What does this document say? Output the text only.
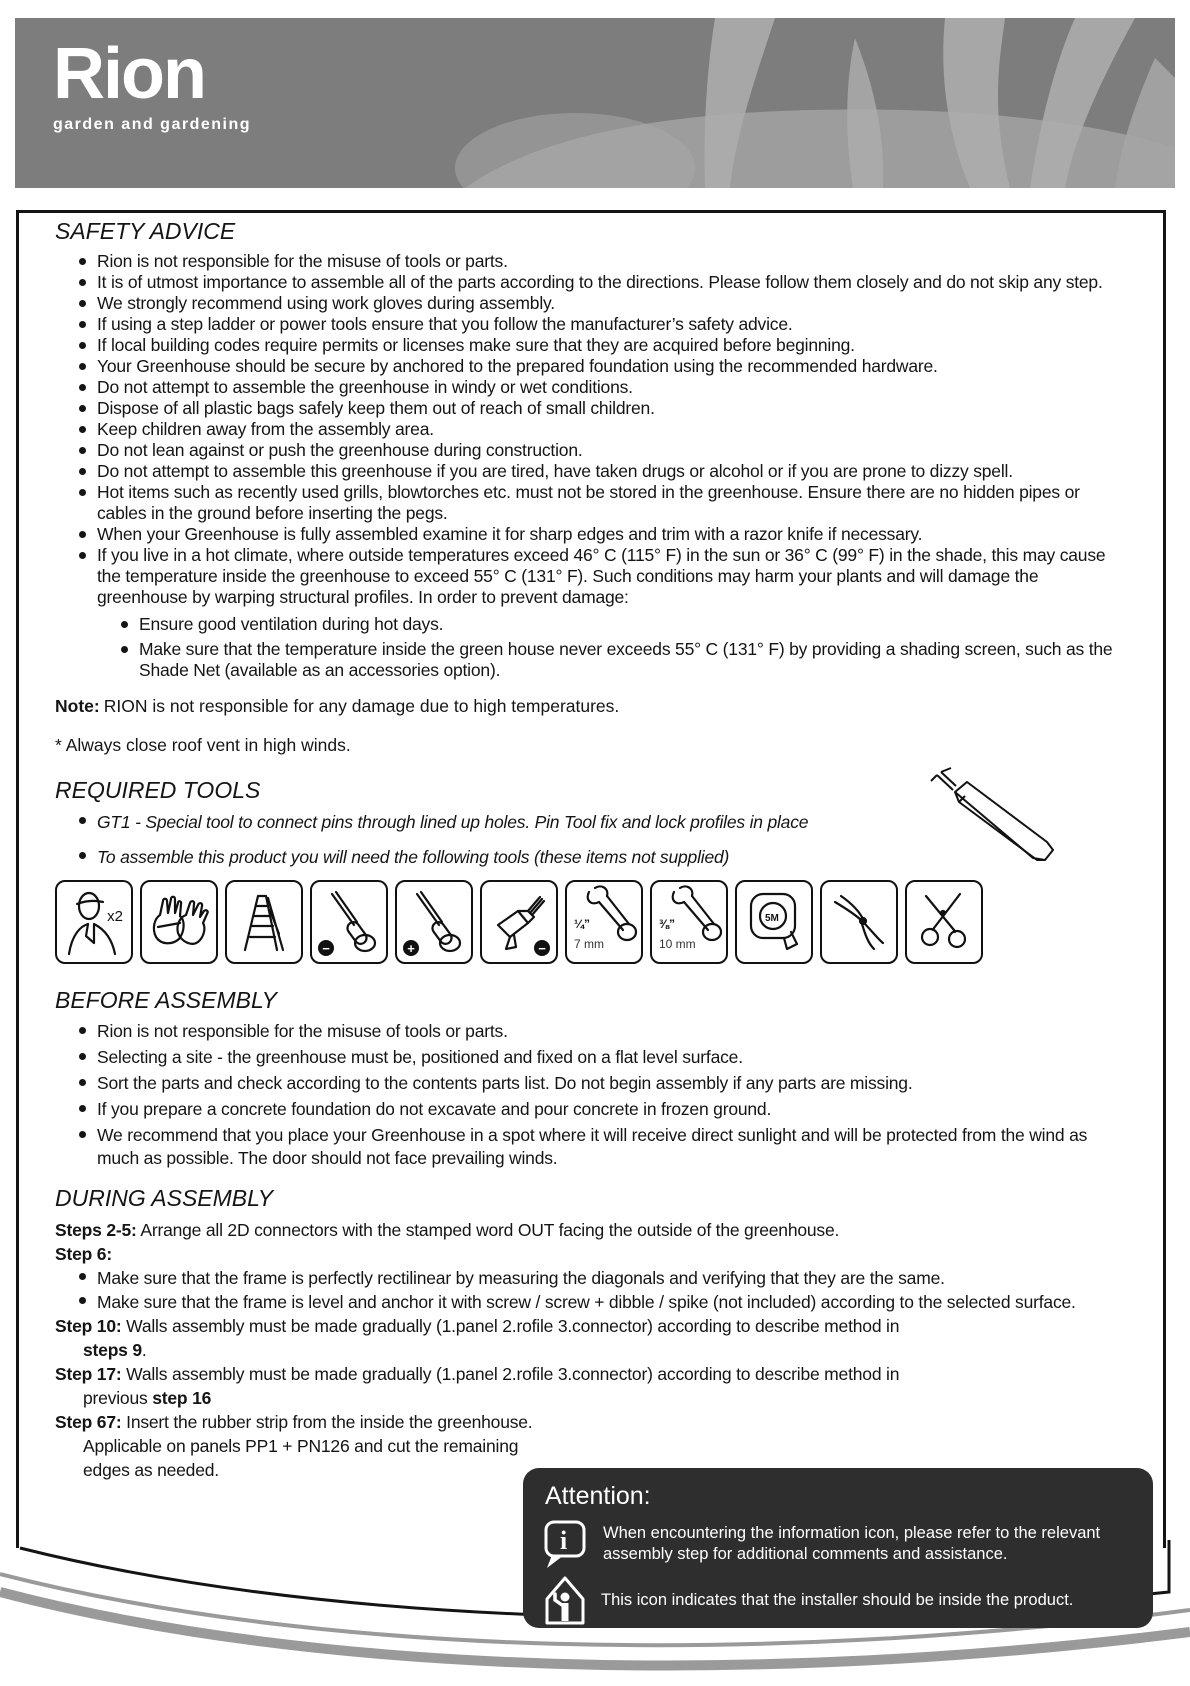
Rion
garden and gardening
SAFETY ADVICE
Rion is not responsible for the misuse of tools or parts.
It is of utmost importance to assemble all of the parts according to the directions. Please follow them closely and do not skip any step.
We strongly recommend using work gloves during assembly.
If using a step ladder or power tools ensure that you follow the manufacturer’s safety advice.
If local building codes require permits or licenses make sure that they are acquired before beginning.
Your Greenhouse should be secure by anchored to the prepared foundation using the recommended hardware.
Do not attempt to assemble the greenhouse in windy or wet conditions.
Dispose of all plastic bags safely keep them out of reach of small children.
Keep children away from the assembly area.
Do not lean against or push the greenhouse during construction.
Do not attempt to assemble this greenhouse if you are tired, have taken drugs or alcohol or if you are prone to dizzy spell.
Hot items such as recently used grills, blowtorches etc. must not be stored in the greenhouse. Ensure there are no hidden pipes or cables in the ground before inserting the pegs.
When your Greenhouse is fully assembled examine it for sharp edges and trim with a razor knife if necessary.
If you live in a hot climate, where outside temperatures exceed 46° C (115° F) in the sun or 36° C (99° F) in the shade, this may cause the temperature inside the greenhouse to exceed 55° C (131° F). Such conditions may harm your plants and will damage the greenhouse by warping structural profiles. In order to prevent damage:
Ensure good ventilation during hot days.
Make sure that the temperature inside the green house never exceeds 55° C (131° F) by providing a shading screen, such as the Shade Net (available as an accessories option).

Note: RION is not responsible for any damage due to high temperatures.

* Always close roof vent in high winds.

REQUIRED TOOLS
GT1 - Special tool to connect pins through lined up holes. Pin Tool fix and lock profiles in place
To assemble this product you will need the following tools (these items not supplied)
x2
−	+	−
¼”
7 mm
⅜”
10 mm
5M
BEFORE ASSEMBLY
Rion is not responsible for the misuse of tools or parts.
Selecting a site - the greenhouse must be, positioned and fixed on a flat level surface.
Sort the parts and check according to the contents parts list. Do not begin assembly if any parts are missing.
If you prepare a concrete foundation do not excavate and pour concrete in frozen ground.
We recommend that you place your Greenhouse in a spot where it will receive direct sunlight and will be protected from the wind as much as possible. The door should not face prevailing winds.
DURING ASSEMBLY

Steps 2-5: Arrange all 2D connectors with the stamped word OUT facing the outside of the greenhouse.

Step 6:

Make sure that the frame is perfectly rectilinear by measuring the diagonals and verifying that they are the same.
Make sure that the frame is level and anchor it with screw / screw + dibble / spike (not included) according to the selected surface.

Step 10: Walls assembly must be made gradually (1.panel 2.rofile 3.connector) according to describe method in
steps 9.

Step 17: Walls assembly must be made gradually (1.panel 2.rofile 3.connector) according to describe method in
previous step 16

Step 67: Insert the rubber strip from the inside the greenhouse. Applicable on panels PP1 + PN126 and cut the remaining edges as needed.

Attention:
i When encountering the information icon, please refer to the relevant assembly step for additional comments and assistance.
This icon indicates that the installer should be inside the product.
